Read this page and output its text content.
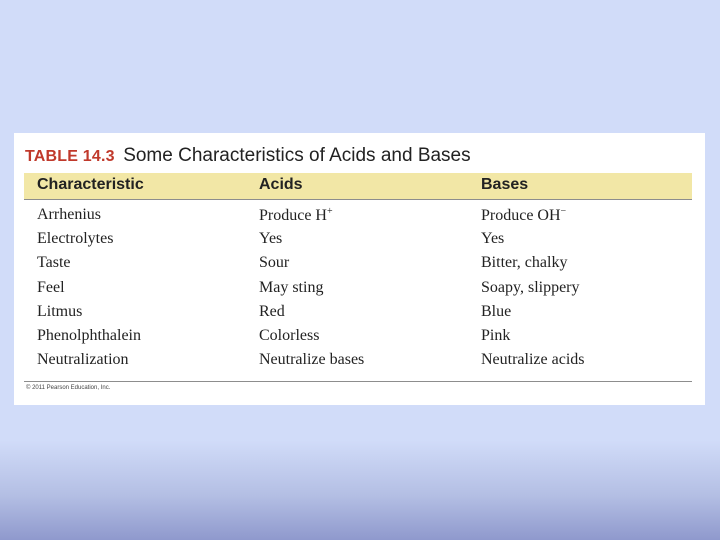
TABLE 14.3 Some Characteristics of Acids and Bases
Characteristic	Acids	Bases
Arrhenius	Produce H+	Produce OH−
Electrolytes	Yes	Yes
Taste	Sour	Bitter, chalky
Feel	May sting	Soapy, slippery
Litmus	Red	Blue
Phenolphthalein	Colorless	Pink
Neutralization	Neutralize bases	Neutralize acids
© 2011 Pearson Education, Inc.
